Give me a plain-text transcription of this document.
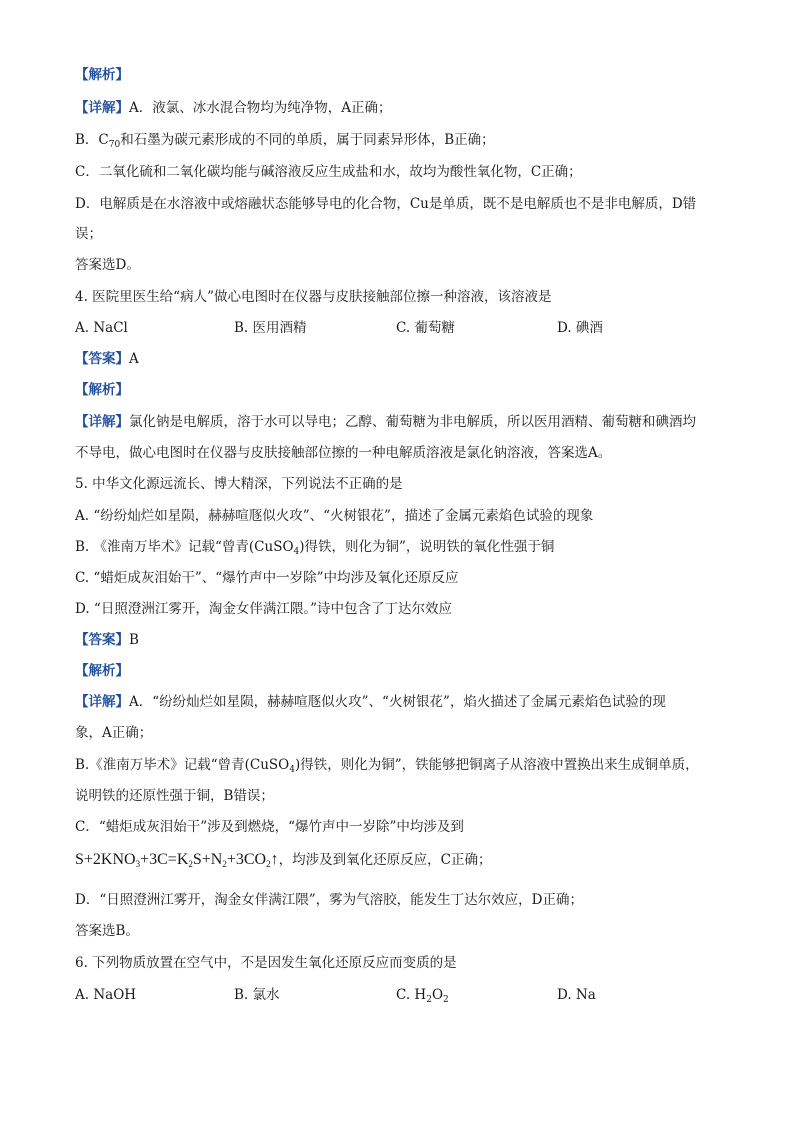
【解析】
【详解】A．液氯、冰水混合物均为纯净物，A正确；
B．$C_{70}$和石墨为碳元素形成的不同的单质，属于同素异形体，B正确；
C．二氧化硫和二氧化碳均能与碱溶液反应生成盐和水，故均为酸性氧化物，C正确；
D．电解质是在水溶液中或熔融状态能够导电的化合物，Cu是单质，既不是电解质也不是非电解质，D错
误；
答案选D。
4. 医院里医生给“病人”做心电图时在仪器与皮肤接触部位擦一种溶液，该溶液是
A. NaCl	B. 医用酒精	C. 葡萄糖	D. 碘酒
【答案】A
【解析】
【详解】氯化钠是电解质，溶于水可以导电；乙醇、葡萄糖为非电解质，所以医用酒精、葡萄糖和碘酒均
不导电，做心电图时在仪器与皮肤接触部位擦的一种电解质溶液是氯化钠溶液，答案选A。
5. 中华文化源远流长、博大精深，下列说法不正确的是
A. “纷纷灿烂如星陨，赫赫喧豗似火攻”、“火树银花”，描述了金属元素焰色试验的现象
B. 《淮南万毕术》记载“曾青(CuSO$_4$)得铁，则化为铜”，说明铁的氧化性强于铜
C. “蜡炬成灰泪始干”、“爆竹声中一岁除”中均涉及氧化还原反应
D. “日照澄洲江雾开，淘金女伴满江隈。”诗中包含了丁达尔效应
【答案】B
【解析】
【详解】A．“纷纷灿烂如星陨，赫赫喧豗似火攻”、“火树银花”，焰火描述了金属元素焰色试验的现
象，A正确；
B.《淮南万毕术》记载“曾青(CuSO$_4$)得铁，则化为铜”，铁能够把铜离子从溶液中置换出来生成铜单质，
说明铁的还原性强于铜，B错误；
C．“蜡炬成灰泪始干”涉及到燃烧，“爆竹声中一岁除”中均涉及到
$S+2KNO_3+3C=K_2S+N_2+3CO_2↑$，均涉及到氧化还原反应，C正确；
D．“日照澄洲江雾开，淘金女伴满江隈”，雾为气溶胶，能发生丁达尔效应，D正确；
答案选B。
6. 下列物质放置在空气中，不是因发生氧化还原反应而变质的是
A. NaOH	B. 氯水	C. $H_2O_2$	D. Na
